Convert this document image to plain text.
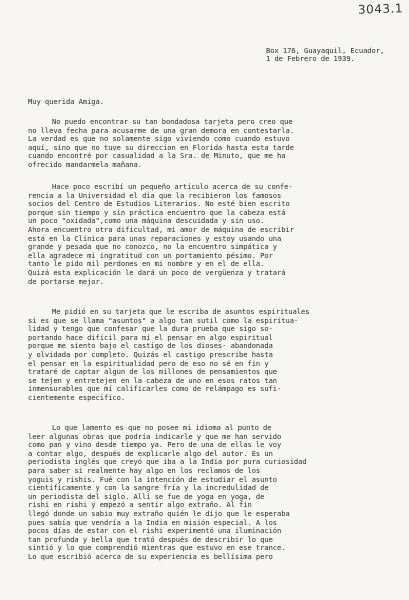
3043.1

Box 176, Guayaquil, Ecuador,

1 de Febrero de 1939.

Muy querida Amiga.

No puedo encontrar su tan bondadosa tarjeta pero creo que

no lleva fecha para acusarme de una gran demora en contestarla.

La verdad es que no solamente sigo viviendo como cuando estuvo

aquí, sino que no tuve su direccion en Florida hasta esta tarde

cuando encontré por casualidad a la Sra. de Minuto, que me ha

ofrecido mandarmela mañana.

Hace poco escribí un pequeño artículo acerca de su confe-

rencia a la Universidad el día que la recibieron los famosos

socios del Centro de Estudios Literarios. No esté bien escrito

porque sin tiempo y sin práctica encuentro que la cabeza está

un poco "oxidada",como una máquina descuidada y sin uso.

Ahora encuentro otra dificultad, mi amor de máquina de escribir

está en la Clínica para unas reparaciones y estoy usando una

grande y pesada que no conozco, no la encuentro simpática y

ella agradece mi ingratitud con un portamiento pésimo. Por

tanto le pido mil perdones en mi nombre y en el de ella.

Quizá esta explicación le dará un poco de vergüenza y tratará

de portarse mejor.

Me pidió en su tarjeta que le escriba de asuntos espirituales

si es que se llama "asuntos" a algo tan sutil como la espiritua-

lidad y tengo que confesar que la dura prueba que sigo so-

portando hace difícil para mí el pensar en algo espiritual

porque me siento bajo el castigo de los dioses- abandonada

y olvidada por completo. Quizás el castigo prescribe hasta

el pensar en la espiritualidad pero de eso no sé en fin y

trataré de captar algun de los millones de pensamientos que

se tejen y entretejen en la cabeza de uno en esos ratos tan

inmensurables que mí calificarles como de relámpago es sufi-

cientemente especifico.

Lo que lamento es que no posee mi idioma al punto de

leer algunas obras que podría indicarle y que me han servido

como pan y vino desde tiempo ya. Pero de una de ellas le voy

a contar algo, después de explicarle algo del autor. Es un

periodista inglés que creyó que iba a la India por pura curiosidad

para saber si realmente hay algo en los reclamos de los

yoguis y rishis. Fué con la intención de estudiar el asunto

científicamente y con la sangre fría y la incredulidad de

un periodista del siglo. Allí se fue de yoga en yoga, de

rishi en rishi y empezó a sentir algo extraño. Al fin

llegó donde un sabio muy extraño quién le dijo que le esperaba

pues sabía que vendría a la India en misión especial. A los

pocos días de estar con el rishi experimentó una iluminación

tan profunda y bella que trató después de describir lo que

sintió y lo que comprendió mientras que estuvo en ese trance.

Lo que escribió acerca de su experiencia es bellísima pero
